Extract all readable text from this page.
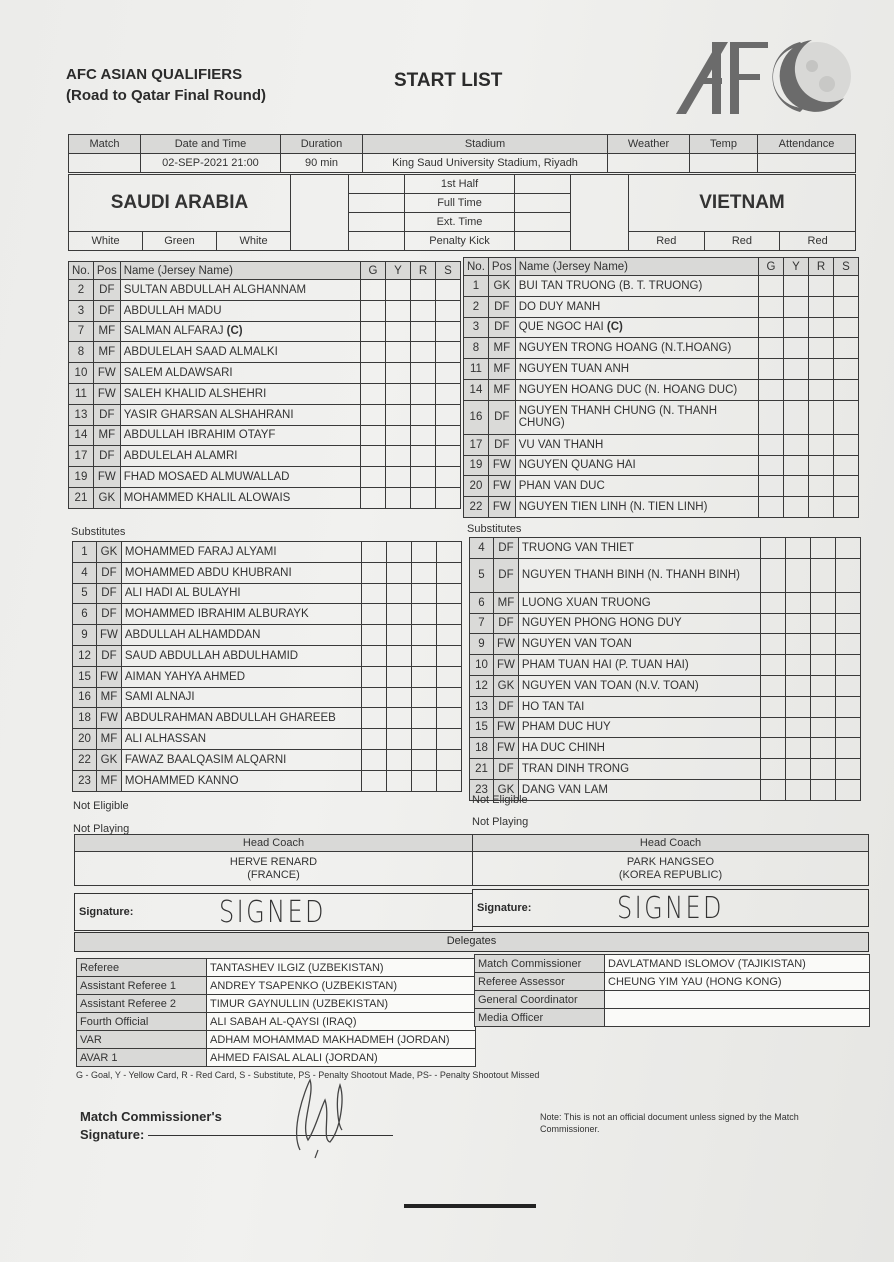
AFC ASIAN QUALIFIERS
(Road to Qatar Final Round)
START LIST
Match	Date and Time	Duration	Stadium	Weather	Temp	Attendance
	02-SEP-2021 21:00	90 min	King Saud University Stadium, Riyadh			
SAUDI ARABIA					1st Half			VIETNAM		
					Full Time					
					Ext. Time					
White	Green	White			Penalty Kick			Red	Red	Red
No.	Pos	Name (Jersey Name)	G	Y	R	S
2	DF	SULTAN ABDULLAH ALGHANNAM				
3	DF	ABDULLAH MADU				
7	MF	SALMAN ALFARAJ (C)				
8	MF	ABDULELAH SAAD ALMALKI				
10	FW	SALEM ALDAWSARI				
11	FW	SALEH KHALID ALSHEHRI				
13	DF	YASIR GHARSAN ALSHAHRANI				
14	MF	ABDULLAH IBRAHIM OTAYF				
17	DF	ABDULELAH ALAMRI				
19	FW	FHAD MOSAED ALMUWALLAD				
21	GK	MOHAMMED KHALIL ALOWAIS				
No.	Pos	Name (Jersey Name)	G	Y	R	S
1	GK	BUI TAN TRUONG (B. T. TRUONG)				
2	DF	DO DUY MANH				
3	DF	QUE NGOC HAI (C)				
8	MF	NGUYEN TRONG HOANG (N.T.HOANG)				
11	MF	NGUYEN TUAN ANH				
14	MF	NGUYEN HOANG DUC (N. HOANG DUC)				
16	DF	NGUYEN THANH CHUNG (N. THANH CHUNG)				
17	DF	VU VAN THANH				
19	FW	NGUYEN QUANG HAI				
20	FW	PHAN VAN DUC				
22	FW	NGUYEN TIEN LINH (N. TIEN LINH)				
Substitutes	Substitutes
1	GK	MOHAMMED FARAJ ALYAMI				
4	DF	MOHAMMED ABDU KHUBRANI				
5	DF	ALI HADI AL BULAYHI				
6	DF	MOHAMMED IBRAHIM ALBURAYK				
9	FW	ABDULLAH ALHAMDDAN				
12	DF	SAUD ABDULLAH ABDULHAMID				
15	FW	AIMAN YAHYA AHMED				
16	MF	SAMI ALNAJI				
18	FW	ABDULRAHMAN ABDULLAH GHAREEB				
20	MF	ALI ALHASSAN				
22	GK	FAWAZ BAALQASIM ALQARNI				
23	MF	MOHAMMED KANNO				
4	DF	TRUONG VAN THIET				
5	DF	NGUYEN THANH BINH (N. THANH BINH)				
6	MF	LUONG XUAN TRUONG				
7	DF	NGUYEN PHONG HONG DUY				
9	FW	NGUYEN VAN TOAN				
10	FW	PHAM TUAN HAI (P. TUAN HAI)				
12	GK	NGUYEN VAN TOAN (N.V. TOAN)				
13	DF	HO TAN TAI				
15	FW	PHAM DUC HUY				
18	FW	HA DUC CHINH				
21	DF	TRAN DINH TRONG				
23	GK	DANG VAN LAM				
Not Eligible
Not Playing
Not Eligible
Not Playing
Head Coach	Head Coach

HERVE RENARD
(FRANCE)

PARK HANGSEO
(KOREA REPUBLIC)
Signature:	SIGNED	Signature:	SIGNED
Delegates
Referee	TANTASHEV ILGIZ (UZBEKISTAN)
Assistant Referee 1	ANDREY TSAPENKO (UZBEKISTAN)
Assistant Referee 2	TIMUR GAYNULLIN (UZBEKISTAN)
Fourth Official	ALI SABAH AL-QAYSI (IRAQ)
VAR	ADHAM MOHAMMAD MAKHADMEH (JORDAN)
AVAR 1	AHMED FAISAL ALALI (JORDAN)
Match Commissioner	DAVLATMAND ISLOMOV (TAJIKISTAN)
Referee Assessor	CHEUNG YIM YAU (HONG KONG)
General Coordinator	
Media Officer	
G - Goal, Y - Yellow Card, R - Red Card, S - Substitute, PS - Penalty Shootout Made, PS- - Penalty Shootout Missed
Match Commissioner's
Signature:
Note: This is not an official document unless signed by the Match Commissioner.
